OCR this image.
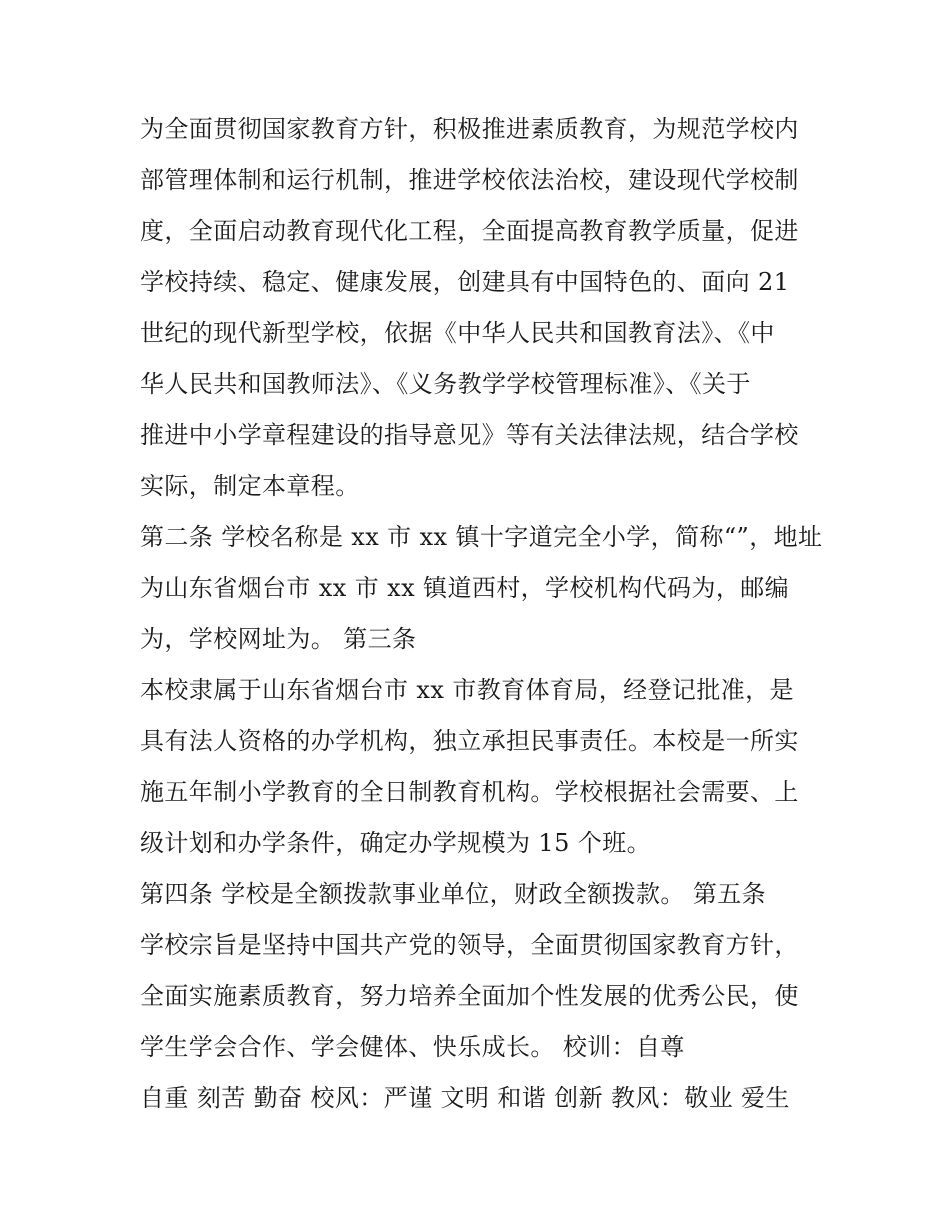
为全面贯彻国家教育方针，积极推进素质教育，为规范学校内
部管理体制和运行机制，推进学校依法治校，建设现代学校制
度，全面启动教育现代化工程，全面提高教育教学质量，促进
学校持续、稳定、健康发展，创建具有中国特色的、面向 21
世纪的现代新型学校，依据《中华人民共和国教育法》、《中
华人民共和国教师法》、《义务教学学校管理标准》、《关于
推进中小学章程建设的指导意见》等有关法律法规，结合学校
实际，制定本章程。
第二条 学校名称是 xx 市 xx 镇十字道完全小学，简称“”，地址
为山东省烟台市 xx 市 xx 镇道西村，学校机构代码为，邮编
为，学校网址为。 第三条
本校隶属于山东省烟台市 xx 市教育体育局，经登记批准，是
具有法人资格的办学机构，独立承担民事责任。本校是一所实
施五年制小学教育的全日制教育机构。学校根据社会需要、上
级计划和办学条件，确定办学规模为 15 个班。
第四条 学校是全额拨款事业单位，财政全额拨款。 第五条
学校宗旨是坚持中国共产党的领导，全面贯彻国家教育方针，
全面实施素质教育，努力培养全面加个性发展的优秀公民，使
学生学会合作、学会健体、快乐成长。 校训：自尊
自重 刻苦 勤奋 校风：严谨 文明 和谐 创新 教风：敬业 爱生
